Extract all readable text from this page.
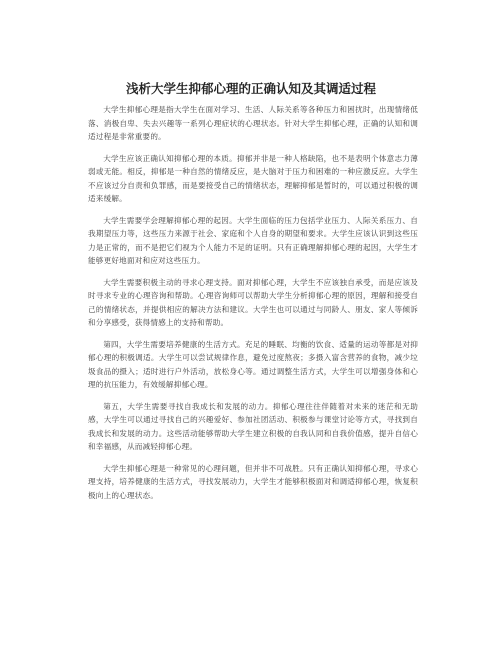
浅析大学生抑郁心理的正确认知及其调适过程

大学生抑郁心理是指大学生在面对学习、生活、人际关系等各种压力和困扰时，出现情绪低落、消极自卑、失去兴趣等一系列心理症状的心理状态。针对大学生抑郁心理，正确的认知和调适过程是非常重要的。

大学生应该正确认知抑郁心理的本质。抑郁并非是一种人格缺陷，也不是表明个体意志力薄弱或无能。相反，抑郁是一种自然的情绪反应，是大脑对于压力和困难的一种应激反应。大学生不应该过分自责和负罪感，而是要接受自己的情绪状态，理解抑郁是暂时的，可以通过积极的调适来缓解。

大学生需要学会理解抑郁心理的起因。大学生面临的压力包括学业压力、人际关系压力、自我期望压力等，这些压力来源于社会、家庭和个人自身的期望和要求。大学生应该认识到这些压力是正常的，而不是把它们视为个人能力不足的证明。只有正确理解抑郁心理的起因，大学生才能够更好地面对和应对这些压力。

大学生需要积极主动的寻求心理支持。面对抑郁心理，大学生不应该独自承受，而是应该及时寻求专业的心理咨询和帮助。心理咨询师可以帮助大学生分析抑郁心理的原因，理解和接受自己的情绪状态，并提供相应的解决方法和建议。大学生也可以通过与同龄人、朋友、家人等倾诉和分享感受，获得情感上的支持和帮助。

第四，大学生需要培养健康的生活方式。充足的睡眠、均衡的饮食、适量的运动等都是对抑郁心理的积极调适。大学生可以尝试规律作息，避免过度熬夜；多摄入富含营养的食物，减少垃圾食品的摄入；适时进行户外活动，放松身心等。通过调整生活方式，大学生可以增强身体和心理的抗压能力，有效缓解抑郁心理。

第五，大学生需要寻找自我成长和发展的动力。抑郁心理往往伴随着对未来的迷茫和无助感，大学生可以通过寻找自己的兴趣爱好、参加社团活动、积极参与课堂讨论等方式，寻找到自我成长和发展的动力。这些活动能够帮助大学生建立积极的自我认同和自我价值感，提升自信心和幸福感，从而减轻抑郁心理。

大学生抑郁心理是一种常见的心理问题，但并非不可战胜。只有正确认知抑郁心理，寻求心理支持，培养健康的生活方式，寻找发展动力，大学生才能够积极面对和调适抑郁心理，恢复积极向上的心理状态。
